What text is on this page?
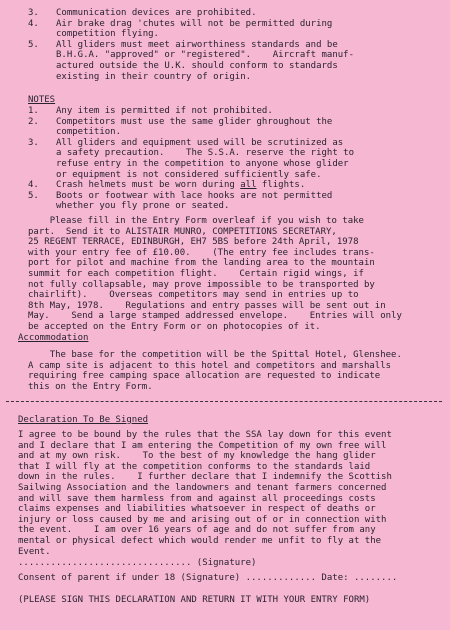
3.	Communication devices are prohibited.
4.	Air brake drag 'chutes will not be permitted during
competition flying.
5.	All gliders must meet airworthiness standards and be
B.H.G.A. "approved" or "registered".    Aircraft manuf-
actured outside the U.K. should conform to standards
existing in their country of origin.
NOTES
1.	Any item is permitted if not prohibited.
2.	Competitors must use the same glider ghroughout the
competition.
3.	All gliders and equipment used will be scrutinized as
a safety precaution.    The S.S.A. reserve the right to
refuse entry in the competition to anyone whose glider
or equipment is not considered sufficiently safe.
4.	Crash helmets must be worn during all flights.
5.	Boots or footwear with lace hooks are not permitted
whether you fly prone or seated.
Please fill in the Entry Form overleaf if you wish to take
part.  Send it to ALISTAIR MUNRO, COMPETITIONS SECRETARY,
25 REGENT TERRACE, EDINBURGH, EH7 5BS before 24th April, 1978
with your entry fee of £10.00.    (The entry fee includes trans-
port for pilot and machine from the landing area to the mountain
summit for each competition flight.    Certain rigid wings, if
not fully collapsable, may prove impossible to be transported by
chairlift).    Overseas competitors may send in entries up to
8th May, 1978.    Regulations and entry passes will be sent out in
May.    Send a large stamped addressed envelope.    Entries will only
be accepted on the Entry Form or on photocopies of it.
Accommodation
The base for the competition will be the Spittal Hotel, Glenshee.
A camp site is adjacent to this hotel and competitors and marshalls
requiring free camping space allocation are requested to indicate
this on the Entry Form.
Declaration To Be Signed
I agree to be bound by the rules that the SSA lay down for this event
and I declare that I am entering the Competition of my own free will
and at my own risk.    To the best of my knowledge the hang glider
that I will fly at the competition conforms to the standards laid
down in the rules.    I further declare that I indemnify the Scottish
Sailwing Association and the landowners and tenant farmers concerned
and will save them harmless from and against all proceedings costs
claims expenses and liabilities whatsoever in respect of deaths or
injury or loss caused by me and arising out of or in connection with
the event.    I am over 16 years of age and do not suffer from any
mental or physical defect which would render me unfit to fly at the
Event.
................................ (Signature)
Consent of parent if under 18 (Signature) ............. Date: ........
(PLEASE SIGN THIS DECLARATION AND RETURN IT WITH YOUR ENTRY FORM)
